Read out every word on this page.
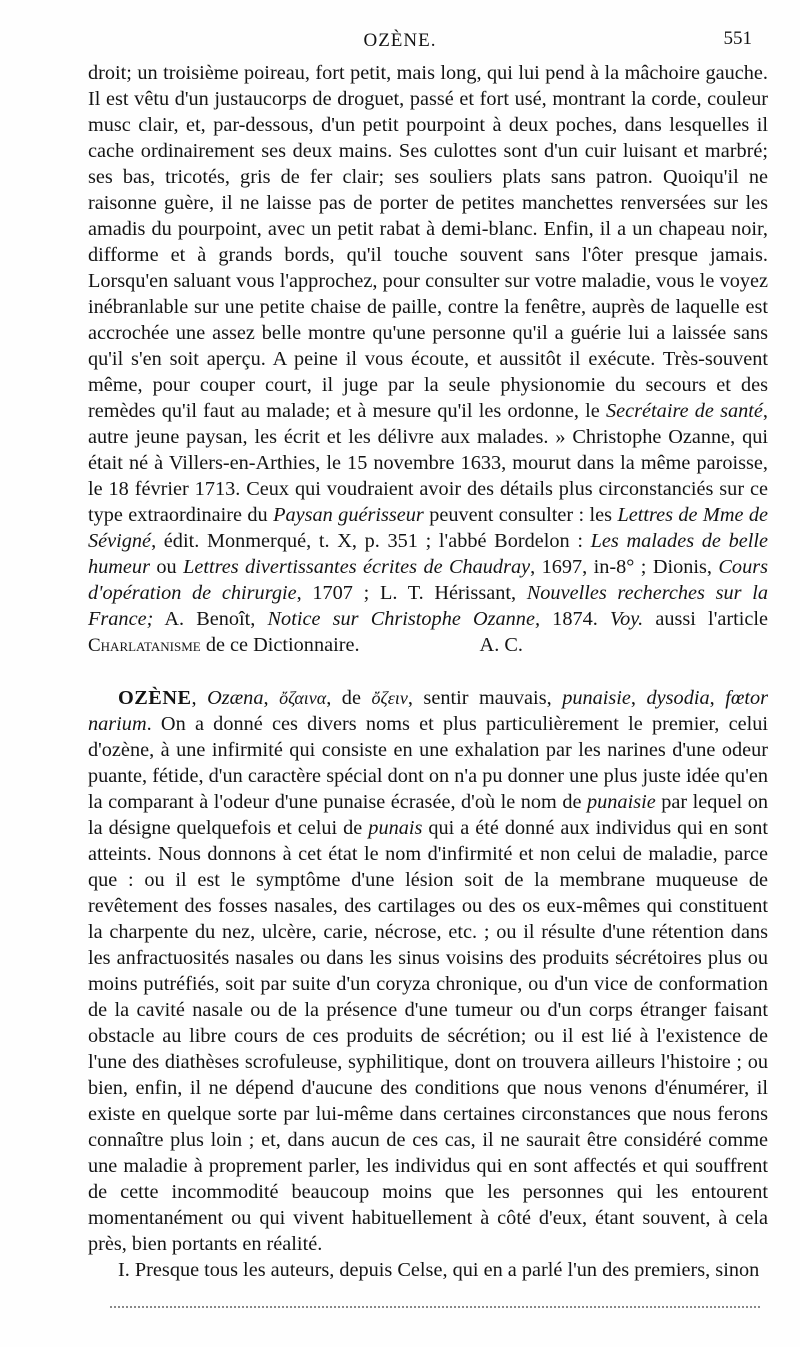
OZÈNE.	551

droit; un troisième poireau, fort petit, mais long, qui lui pend à la mâchoire gauche. Il est vêtu d'un justaucorps de droguet, passé et fort usé, montrant la corde, couleur musc clair, et, par-dessous, d'un petit pourpoint à deux poches, dans lesquelles il cache ordinairement ses deux mains. Ses culottes sont d'un cuir luisant et marbré; ses bas, tricotés, gris de fer clair; ses souliers plats sans patron. Quoiqu'il ne raisonne guère, il ne laisse pas de porter de petites manchettes renversées sur les amadis du pourpoint, avec un petit rabat à demi-blanc. Enfin, il a un chapeau noir, difforme et à grands bords, qu'il touche souvent sans l'ôter presque jamais. Lorsqu'en saluant vous l'approchez, pour consulter sur votre maladie, vous le voyez inébranlable sur une petite chaise de paille, contre la fenêtre, auprès de laquelle est accrochée une assez belle montre qu'une personne qu'il a guérie lui a laissée sans qu'il s'en soit aperçu. A peine il vous écoute, et aussitôt il exécute. Très-souvent même, pour couper court, il juge par la seule physionomie du secours et des remèdes qu'il faut au malade; et à mesure qu'il les ordonne, le Secrétaire de santé, autre jeune paysan, les écrit et les délivre aux malades. » Christophe Ozanne, qui était né à Villers-en-Arthies, le 15 novembre 1633, mourut dans la même paroisse, le 18 février 1713. Ceux qui voudraient avoir des détails plus circonstanciés sur ce type extraordinaire du Paysan guérisseur peuvent consulter : les Lettres de Mme de Sévigné, édit. Monmerqué, t. X, p. 351 ; l'abbé Bordelon : Les malades de belle humeur ou Lettres divertissantes écrites de Chaudray, 1697, in-8° ; Dionis, Cours d'opération de chirurgie, 1707 ; L. T. Hérissant, Nouvelles recherches sur la France; A. Benoît, Notice sur Christophe Ozanne, 1874. Voy. aussi l'article Charlatanisme de ce Dictionnaire.	A. C.

OZÈNE, Ozæna, ὄζαινα, de ὄζειν, sentir mauvais, punaisie, dysodia, fœtor narium. On a donné ces divers noms et plus particulièrement le premier, celui d'ozène, à une infirmité qui consiste en une exhalation par les narines d'une odeur puante, fétide, d'un caractère spécial dont on n'a pu donner une plus juste idée qu'en la comparant à l'odeur d'une punaise écrasée, d'où le nom de punaisie par lequel on la désigne quelquefois et celui de punais qui a été donné aux individus qui en sont atteints. Nous donnons à cet état le nom d'infirmité et non celui de maladie, parce que : ou il est le symptôme d'une lésion soit de la membrane muqueuse de revêtement des fosses nasales, des cartilages ou des os eux-mêmes qui constituent la charpente du nez, ulcère, carie, nécrose, etc. ; ou il résulte d'une rétention dans les anfractuosités nasales ou dans les sinus voisins des produits sécrétoires plus ou moins putréfiés, soit par suite d'un coryza chronique, ou d'un vice de conformation de la cavité nasale ou de la présence d'une tumeur ou d'un corps étranger faisant obstacle au libre cours de ces produits de sécrétion; ou il est lié à l'existence de l'une des diathèses scrofuleuse, syphilitique, dont on trouvera ailleurs l'histoire ; ou bien, enfin, il ne dépend d'aucune des conditions que nous venons d'énumérer, il existe en quelque sorte par lui-même dans certaines circonstances que nous ferons connaître plus loin ; et, dans aucun de ces cas, il ne saurait être considéré comme une maladie à proprement parler, les individus qui en sont affectés et qui souffrent de cette incommodité beaucoup moins que les personnes qui les entourent momentanément ou qui vivent habituellement à côté d'eux, étant souvent, à cela près, bien portants en réalité.

I. Presque tous les auteurs, depuis Celse, qui en a parlé l'un des premiers, sinon
